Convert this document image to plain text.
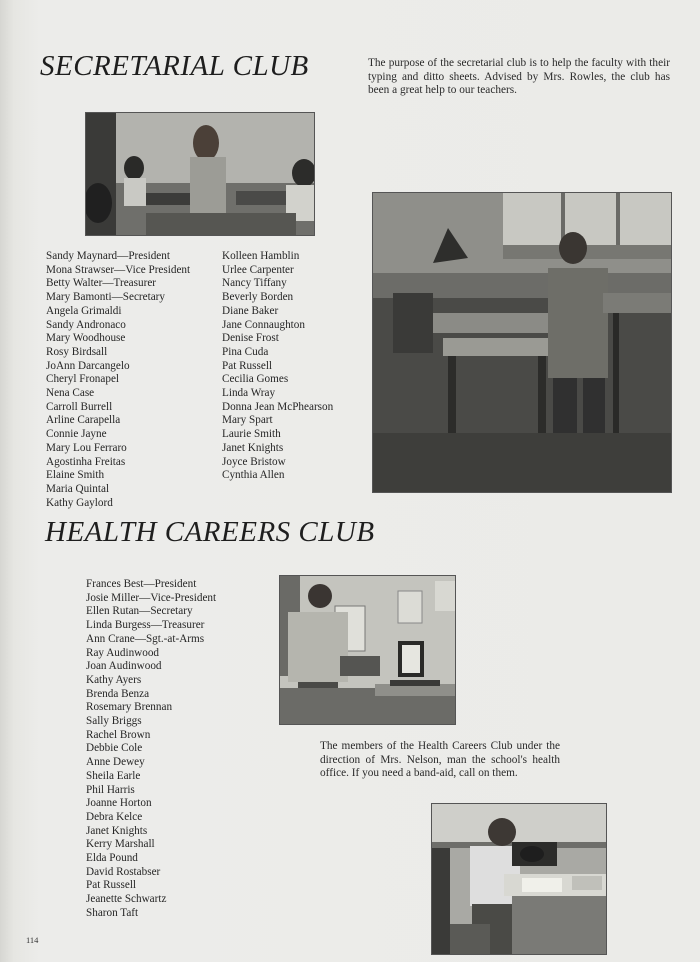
SECRETARIAL CLUB	The purpose of the secretarial club is to help the faculty with their typing and ditto sheets. Advised by Mrs. Rowles, the club has been a great help to our teachers.

Sandy Maynard—President
Mona Strawser—Vice President
Betty Walter—Treasurer
Mary Bamonti—Secretary
Angela Grimaldi
Sandy Andronaco
Mary Woodhouse
Rosy Birdsall
JoAnn Darcangelo
Cheryl Fronapel
Nena Case
Carroll Burrell
Arline Carapella
Connie Jayne
Mary Lou Ferraro
Agostinha Freitas
Elaine Smith
Maria Quintal
Kathy Gaylord
Kolleen Hamblin
Urlee Carpenter
Nancy Tiffany
Beverly Borden
Diane Baker
Jane Connaughton
Denise Frost
Pina Cuda
Pat Russell
Cecilia Gomes
Linda Wray
Donna Jean McPhearson
Mary Spart
Laurie Smith
Janet Knights
Joyce Bristow
Cynthia Allen
HEALTH CAREERS CLUB
Frances Best—President
Josie Miller—Vice-President
Ellen Rutan—Secretary
Linda Burgess—Treasurer
Ann Crane—Sgt.-at-Arms
Ray Audinwood
Joan Audinwood
Kathy Ayers
Brenda Benza
Rosemary Brennan
Sally Briggs
Rachel Brown
Debbie Cole
Anne Dewey
Sheila Earle
Phil Harris
Joanne Horton
Debra Kelce
Janet Knights
Kerry Marshall
Elda Pound
David Rostabser
Pat Russell
Jeanette Schwartz
Sharon Taft

The members of the Health Careers Club under the direction of Mrs. Nelson, man the school's health office. If you need a band-aid, call on them.

114
